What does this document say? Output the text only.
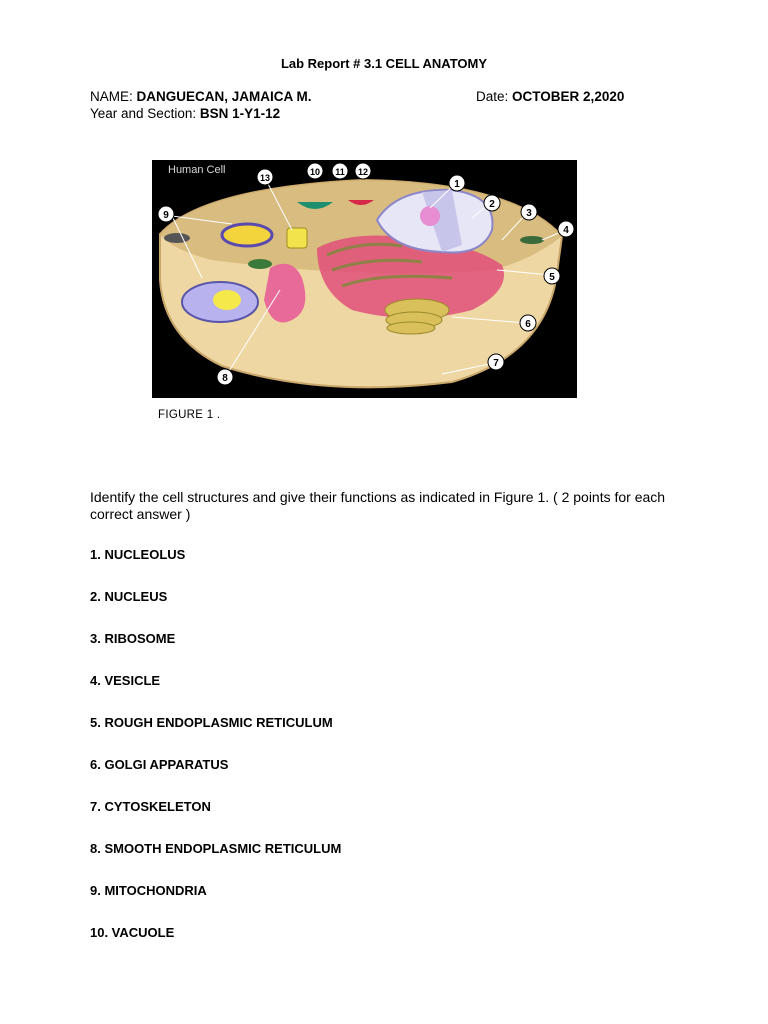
Lab Report # 3.1 CELL ANATOMY
NAME: DANGUECAN, JAMAICA M.	Date: OCTOBER 2,2020
Year and Section: BSN 1-Y1-12
Human Cell
1
2
3
4
5
6
7
8
9
10 11 12
13
FIGURE 1 .
Identify the cell structures and give their functions as indicated in Figure 1. ( 2 points for each correct answer )
1. NUCLEOLUS
2. NUCLEUS
3. RIBOSOME
4. VESICLE
5. ROUGH ENDOPLASMIC RETICULUM
6. GOLGI APPARATUS
7. CYTOSKELETON
8. SMOOTH ENDOPLASMIC RETICULUM
9. MITOCHONDRIA
10. VACUOLE
